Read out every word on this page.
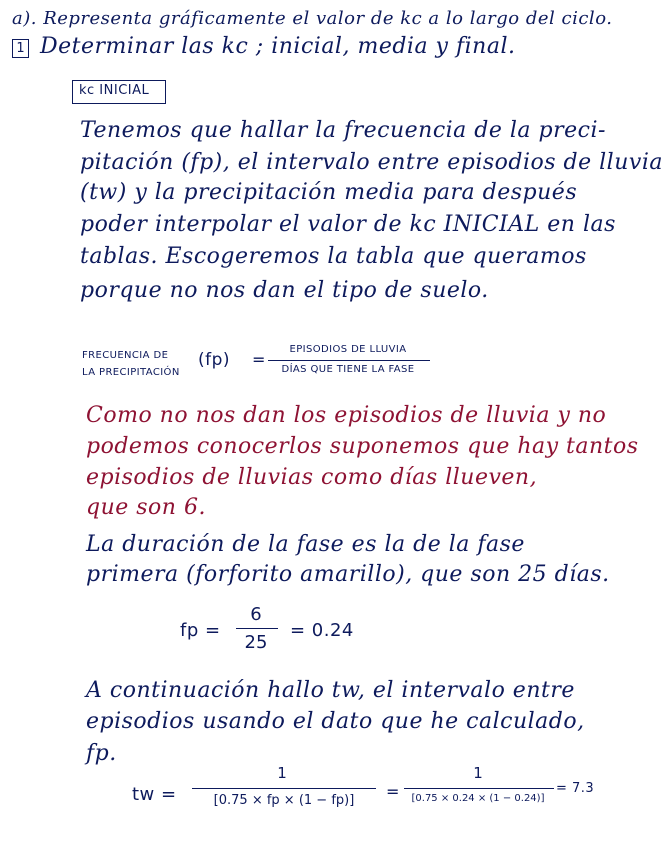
a). Representa gráficamente el valor de kc a lo largo del ciclo.
1 Determinar las kc ; inicial, media y final.
kc INICIAL
Tenemos que hallar la frecuencia de la preci-
pitación (fp), el intervalo entre episodios de lluvia
(tw) y la precipitación media para después
poder interpolar el valor de kc INICIAL en las
tablas. Escogeremos la tabla que queramos
porque no nos dan el tipo de suelo.
FRECUENCIA DE
LA PRECIPITACIÓN
(fp) =
EPISODIOS DE LLUVIA
DÍAS QUE TIENE LA FASE
Como no nos dan los episodios de lluvia y no
podemos conocerlos suponemos que hay tantos
episodios de lluvias como días llueven,
que son 6.
La duración de la fase es la de la fase
primera (forforito amarillo), que son 25 días.
fp =
6
25
= 0.24
A continuación hallo tw, el intervalo entre
episodios usando el dato que he calculado,
fp.
tw =
1
[0.75 × fp × (1 − fp)]	=
1
[0.75 × 0.24 × (1 − 0.24)]
= 7.3
